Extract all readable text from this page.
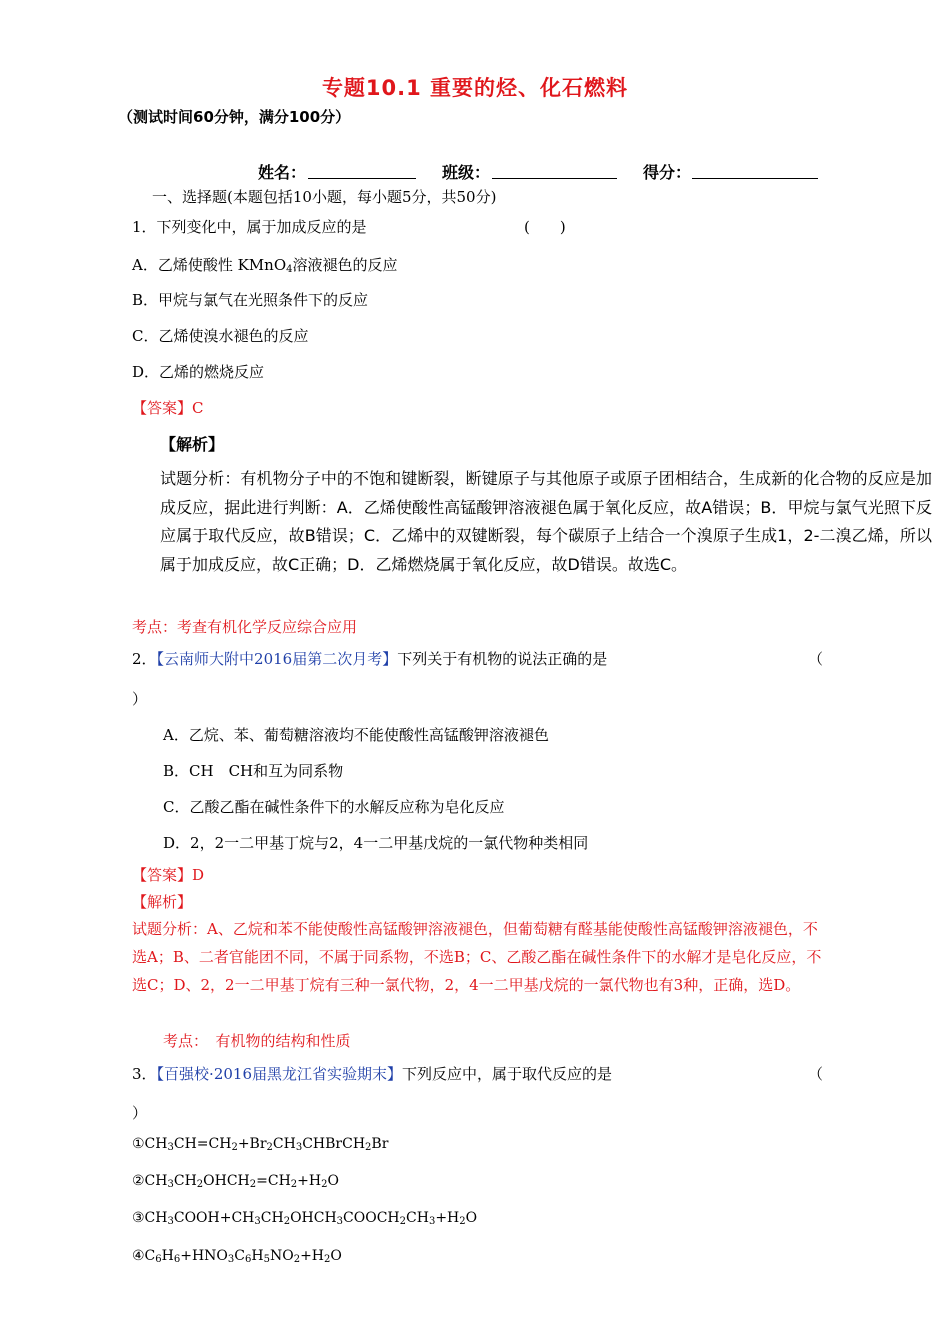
专题10.1 重要的烃、化石燃料
（测试时间60分钟，满分100分）
姓名：	班级：	得分：
一、选择题(本题包括10小题，每小题5分，共50分)
1．下列变化中，属于加成反应的是	(　　)
A．乙烯使酸性 KMnO$_4$溶液褪色的反应
B．甲烷与氯气在光照条件下的反应
C．乙烯使溴水褪色的反应
D．乙烯的燃烧反应
【答案】C
【解析】
试题分析：有机物分子中的不饱和键断裂，断键原子与其他原子或原子团相结合，生成新的化合物的反应是加成反应，据此进行判断：A．乙烯使酸性高锰酸钾溶液褪色属于氧化反应，故A错误；B．甲烷与氯气光照下反应属于取代反应，故B错误；C．乙烯中的双键断裂，每个碳原子上结合一个溴原子生成1，2-二溴乙烯，所以属于加成反应，故C正确；D．乙烯燃烧属于氧化反应，故D错误。故选C。
考点：考查有机化学反应综合应用
2．【云南师大附中2016届第二次月考】下列关于有机物的说法正确的是	（
）
A．乙烷、苯、葡萄糖溶液均不能使酸性高锰酸钾溶液褪色
B．CH　CH和互为同系物
C．乙酸乙酯在碱性条件下的水解反应称为皂化反应
D．2，2一二甲基丁烷与2，4一二甲基戊烷的一氯代物种类相同
【答案】D
【解析】
试题分析：A、乙烷和苯不能使酸性高锰酸钾溶液褪色，但葡萄糖有醛基能使酸性高锰酸钾溶液褪色，不选A；B、二者官能团不同，不属于同系物，不选B；C、乙酸乙酯在碱性条件下的水解才是皂化反应，不选C；D、2，2一二甲基丁烷有三种一氯代物，2，4一二甲基戊烷的一氯代物也有3种，正确，选D。
考点：　有机物的结构和性质
3．【百强校·2016届黑龙江省实验期末】下列反应中，属于取代反应的是	（
）
$①CH_3CH=CH_2+Br_2CH_3CHBrCH_2Br$
$②CH_3CH_2OHCH_2=CH_2+H_2O$
$③CH_3COOH+CH_3CH_2OHCH_3COOCH_2CH_3+H_2O$
$④C_6H_6+HNO_3C_6H_5NO_2+H_2O$
